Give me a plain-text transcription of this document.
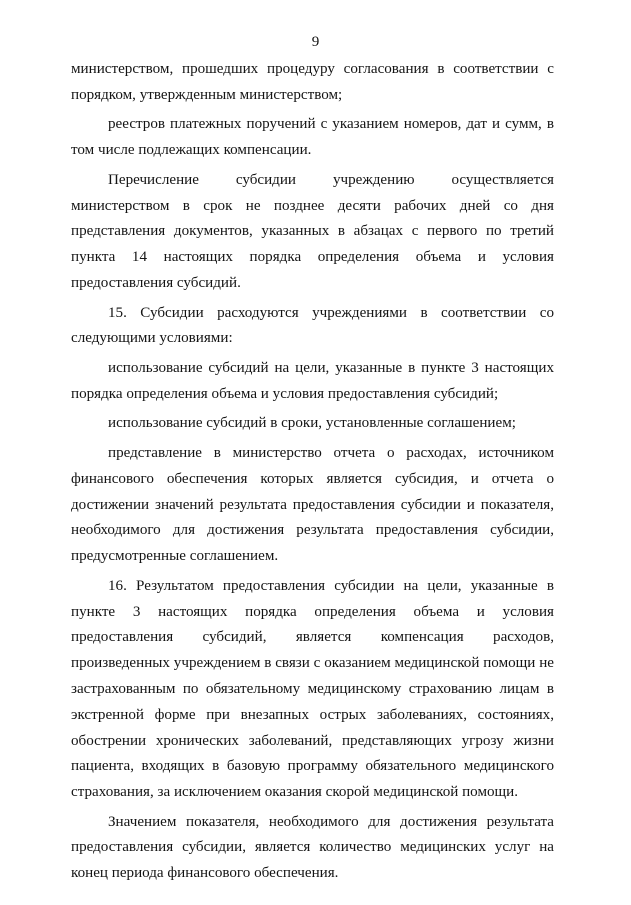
9

министерством, прошедших процедуру согласования в соответствии с порядком, утвержденным министерством;

реестров платежных поручений с указанием номеров, дат и сумм, в том числе подлежащих компенсации.

Перечисление субсидии учреждению осуществляется министерством в срок не позднее десяти рабочих дней со дня представления документов, указанных в абзацах с первого по третий пункта 14 настоящих порядка определения объема и условия предоставления субсидий.

15. Субсидии расходуются учреждениями в соответствии со следующими условиями:

использование субсидий на цели, указанные в пункте 3 настоящих порядка определения объема и условия предоставления субсидий;

использование субсидий в сроки, установленные соглашением;

представление в министерство отчета о расходах, источником финансового обеспечения которых является субсидия, и отчета о достижении значений результата предоставления субсидии и показателя, необходимого для достижения результата предоставления субсидии, предусмотренные соглашением.

16. Результатом предоставления субсидии на цели, указанные в пункте 3 настоящих порядка определения объема и условия предоставления субсидий, является компенсация расходов, произведенных учреждением в связи с оказанием медицинской помощи не застрахованным по обязательному медицинскому страхованию лицам в экстренной форме при внезапных острых заболеваниях, состояниях, обострении хронических заболеваний, представляющих угрозу жизни пациента, входящих в базовую программу обязательного медицинского страхования, за исключением оказания скорой медицинской помощи.

Значением показателя, необходимого для достижения результата предоставления субсидии, является количество медицинских услуг на конец периода финансового обеспечения.
